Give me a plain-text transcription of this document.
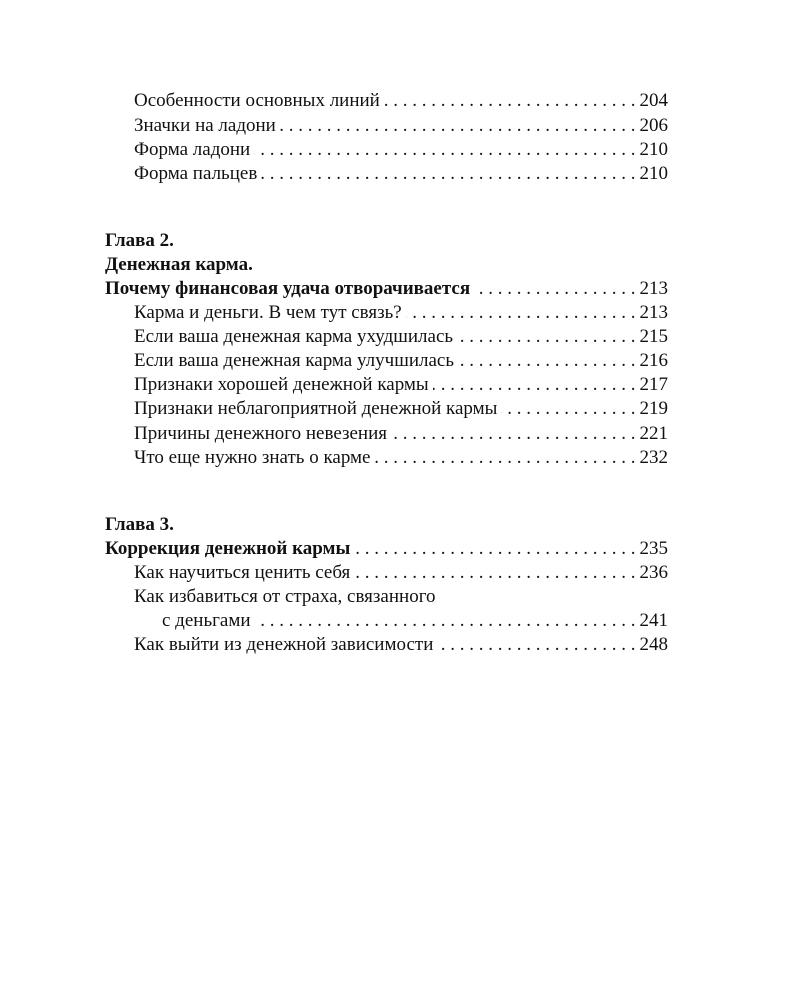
Особенности основных линий . . .	204
Значки на ладони . . .	206
Форма ладони . . .	210
Форма пальцев . . .	210
Глава 2.
Денежная карма.
Почему финансовая удача отворачивается . . .	213
Карма и деньги. В чем тут связь? . . .	213
Если ваша денежная карма ухудшилась . . .	215
Если ваша денежная карма улучшилась . . .	216
Признаки хорошей денежной кармы . . .	217
Признаки неблагоприятной денежной кармы . . .	219
Причины денежного невезения . . .	221
Что еще нужно знать о карме . . .	232
Глава 3.
Коррекция денежной кармы . . .	235
Как научиться ценить себя . . .	236
Как избавиться от страха, связанного
с деньгами . . .	241
Как выйти из денежной зависимости . . .	248
